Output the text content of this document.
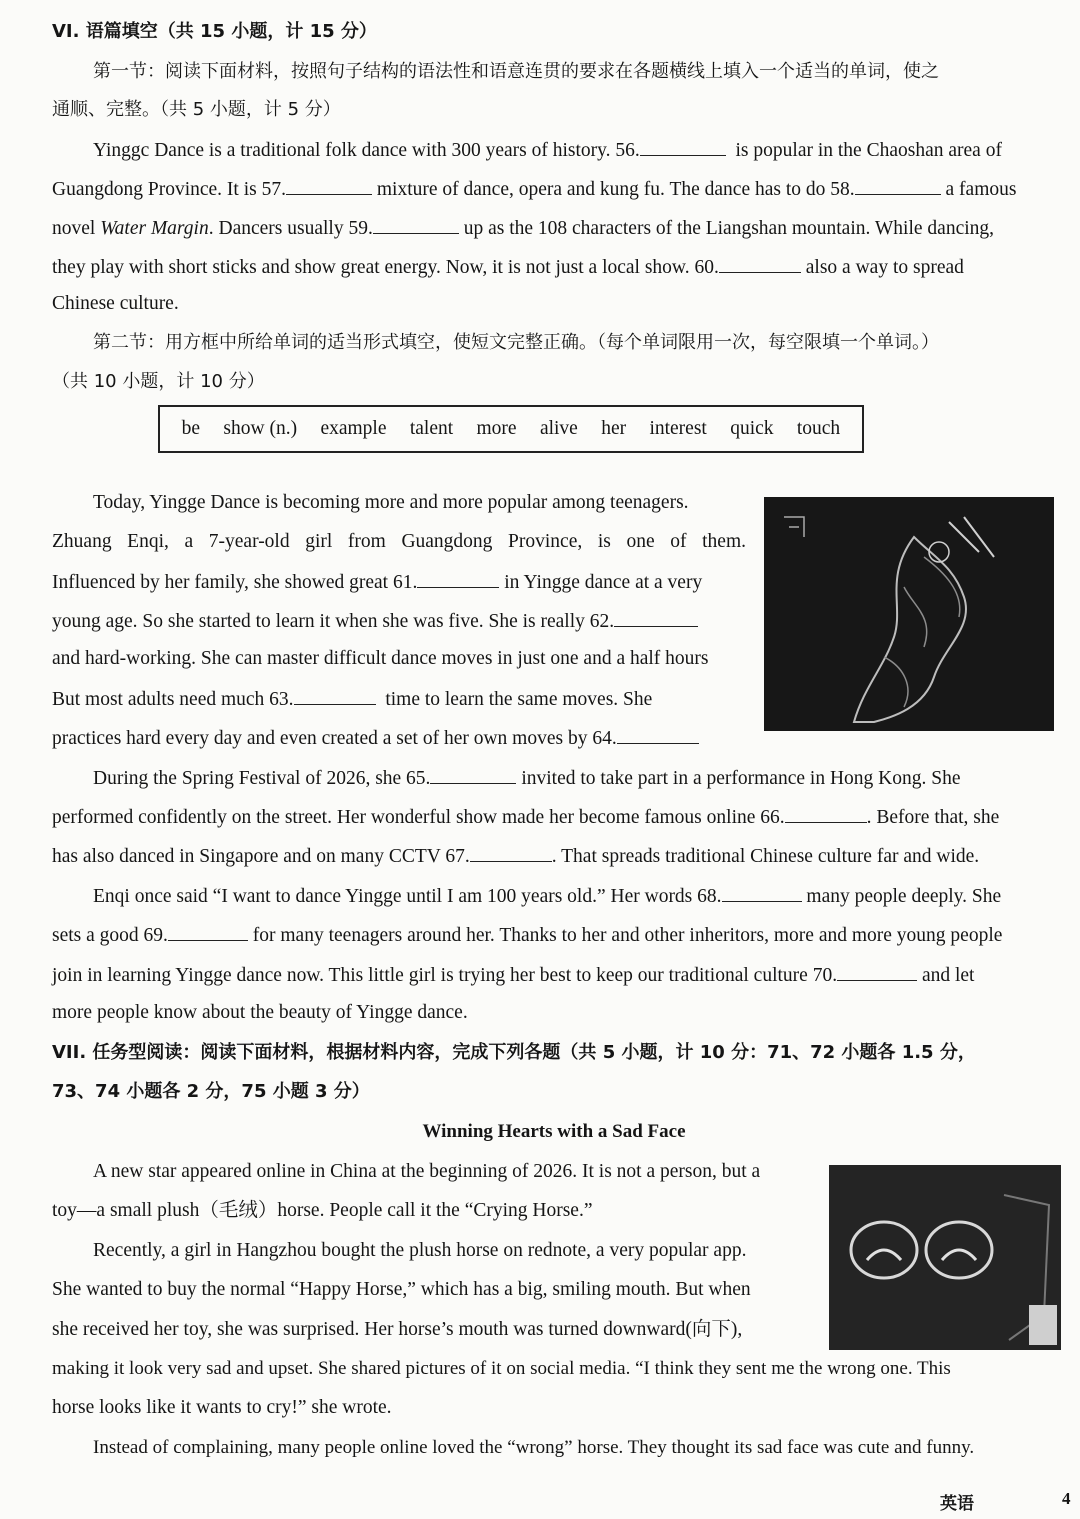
VI. 语篇填空（共 15 小题，计 15 分）
第一节：阅读下面材料，按照句子结构的语法性和语意连贯的要求在各题横线上填入一个适当的单词，使之
通顺、完整。（共 5 小题，计 5 分）
Yinggc Dance is a traditional folk dance with 300 years of history. 56.	is popular in the Chaoshan area of
Guangdong Province. It is 57.	mixture of dance, opera and kung fu. The dance has to do 58.	a famous
novel Water Margin. Dancers usually 59.	up as the 108 characters of the Liangshan mountain. While dancing,
they play with short sticks and show great energy. Now, it is not just a local show. 60.	also a way to spread
Chinese culture.
第二节：用方框中所给单词的适当形式填空，使短文完整正确。（每个单词限用一次，每空限填一个单词。）
（共 10 小题，计 10 分）
be show (n.) example talent more alive her interest quick touch
Today, Yingge Dance is becoming more and more popular among teenagers.
Zhuang Enqi, a 7-year-old girl from Guangdong Province, is one of them.
Influenced by her family, she showed great 61.	in Yingge dance at a very
young age. So she started to learn it when she was five. She is really 62.
and hard-working. She can master difficult dance moves in just one and a half hours
But most adults need much 63.	time to learn the same moves. She
practices hard every day and even created a set of her own moves by 64.
During the Spring Festival of 2026, she 65.	invited to take part in a performance in Hong Kong. She
performed confidently on the street. Her wonderful show made her become famous online 66.	. Before that, she
has also danced in Singapore and on many CCTV 67.	. That spreads traditional Chinese culture far and wide.
Enqi once said “I want to dance Yingge until I am 100 years old.” Her words 68.	many people deeply. She
sets a good 69.	for many teenagers around her. Thanks to her and other inheritors, more and more young people
join in learning Yingge dance now. This little girl is trying her best to keep our traditional culture 70.	and let
more people know about the beauty of Yingge dance.
VII. 任务型阅读：阅读下面材料，根据材料内容，完成下列各题（共 5 小题，计 10 分：71、72 小题各 1.5 分，
73、74 小题各 2 分，75 小题 3 分）
Winning Hearts with a Sad Face
A new star appeared online in China at the beginning of 2026. It is not a person, but a
toy—a small plush（毛绒）horse. People call it the “Crying Horse.”
Recently, a girl in Hangzhou bought the plush horse on rednote, a very popular app.
She wanted to buy the normal “Happy Horse,” which has a big, smiling mouth. But when
she received her toy, she was surprised. Her horse’s mouth was turned downward(向下),
making it look very sad and upset. She shared pictures of it on social media. “I think they sent me the wrong one. This
horse looks like it wants to cry!” she wrote.
Instead of complaining, many people online loved the “wrong” horse. They thought its sad face was cute and funny.
英语	4
